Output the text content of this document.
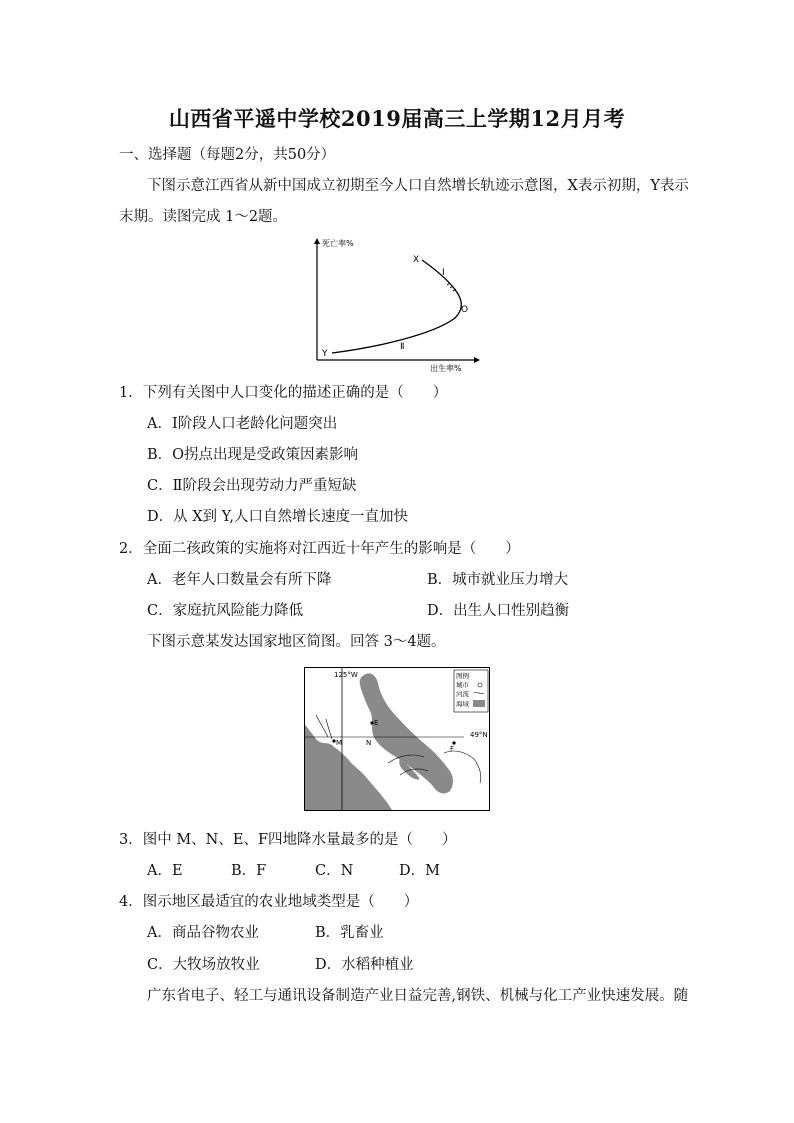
山西省平遥中学校2019届高三上学期12月月考
一、选择题（每题2分，共50分）
下图示意江西省从新中国成立初期至今人口自然增长轨迹示意图，X表示初期，Y表示
末期。读图完成 1～2题。
死亡率%
出生率%
X
Ⅰ
O
Y
Ⅱ
1．下列有关图中人口变化的描述正确的是（　　）
A．Ⅰ阶段人口老龄化问题突出
B．O拐点出现是受政策因素影响
C．Ⅱ阶段会出现劳动力严重短缺
D．从 X到 Y,人口自然增长速度一直加快
2．全面二孩政策的实施将对江西近十年产生的影响是（　　）
A．老年人口数量会有所下降	B．城市就业压力增大
C．家庭抗风险能力降低	D．出生人口性别趋衡
下图示意某发达国家地区简图。回答 3～4题。
125°W
49°N
M	N
E
F
图例
城市
河流
海域
3．图中 M、N、E、F四地降水量最多的是（　　）
A．E	B．F	C．N	D．M
4．图示地区最适宜的农业地域类型是（　　）
A．商品谷物农业	B．乳畜业
C．大牧场放牧业	D．水稻种植业
广东省电子、轻工与通讯设备制造产业日益完善,钢铁、机械与化工产业快速发展。随
